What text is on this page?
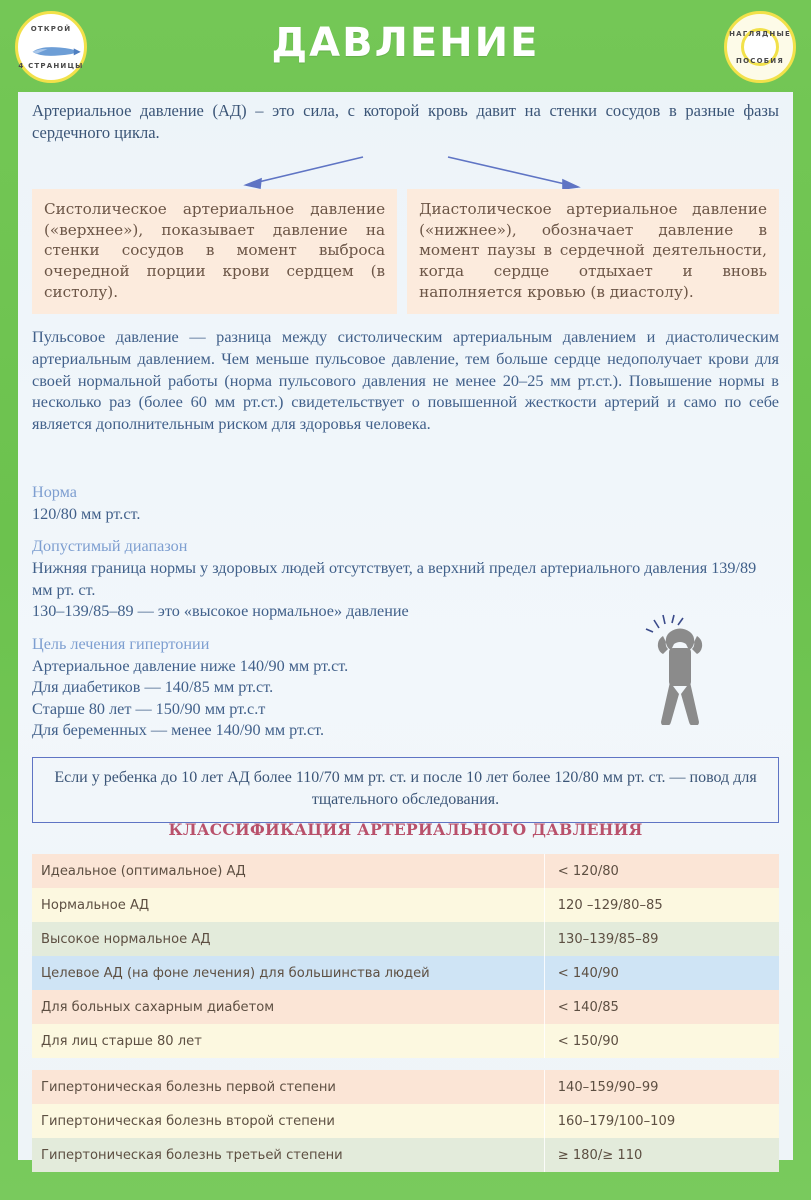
ОТКРОЙ
4 СТРАНИЦЫ	ДАВЛЕНИЕ	НАГЛЯДНЫЕ
ПОСОБИЯ
Артериальное давление (АД) – это сила, с которой кровь давит на стенки сосудов в разные фазы сердечного цикла.
Систолическое артериальное давление («верхнее»), показывает давление на стенки сосудов в момент выброса очередной порции крови сердцем (в систолу).
Диастолическое артериальное давление («нижнее»), обозначает давление в момент паузы в сердечной деятельности, когда сердце отдыхает и вновь наполняется кровью (в диастолу).
Пульсовое давление — разница между систолическим артериальным давлением и диастолическим артериальным давлением. Чем меньше пульсовое давление, тем больше сердце недополучает крови для своей нормальной работы (норма пульсового давления не менее 20–25 мм рт.ст.). Повышение нормы в несколько раз (более 60 мм рт.ст.) свидетельствует о повышенной жесткости артерий и само по себе является дополнительным риском для здоровья человека.
Норма

120/80 мм рт.ст.

Допустимый диапазон

Нижняя граница нормы у здоровых людей отсутствует, а верхний предел артериального давления 139/89 мм рт. ст.

130–139/85–89 — это «высокое нормальное» давление

Цель лечения гипертонии

Артериальное давление ниже 140/90 мм рт.ст.

Для диабетиков — 140/85 мм рт.ст.

Старше 80 лет — 150/90 мм рт.с.т

Для беременных — менее 140/90 мм рт.ст.

Если у ребенка до 10 лет АД более 110/70 мм рт. ст. и после 10 лет более 120/80 мм рт. ст. — повод для тщательного обследования.
КЛАССИФИКАЦИЯ АРТЕРИАЛЬНОГО ДАВЛЕНИЯ
Идеальное (оптимальное) АД	< 120/80
Нормальное АД	120 –129/80–85
Высокое нормальное АД	130–139/85–89
Целевое АД (на фоне лечения) для большинства людей	< 140/90
Для больных сахарным диабетом	< 140/85
Для лиц старше 80 лет	< 150/90
Гипертоническая болезнь первой степени	140–159/90–99
Гипертоническая болезнь второй степени	160–179/100–109
Гипертоническая болезнь третьей степени	≥ 180/≥ 110
